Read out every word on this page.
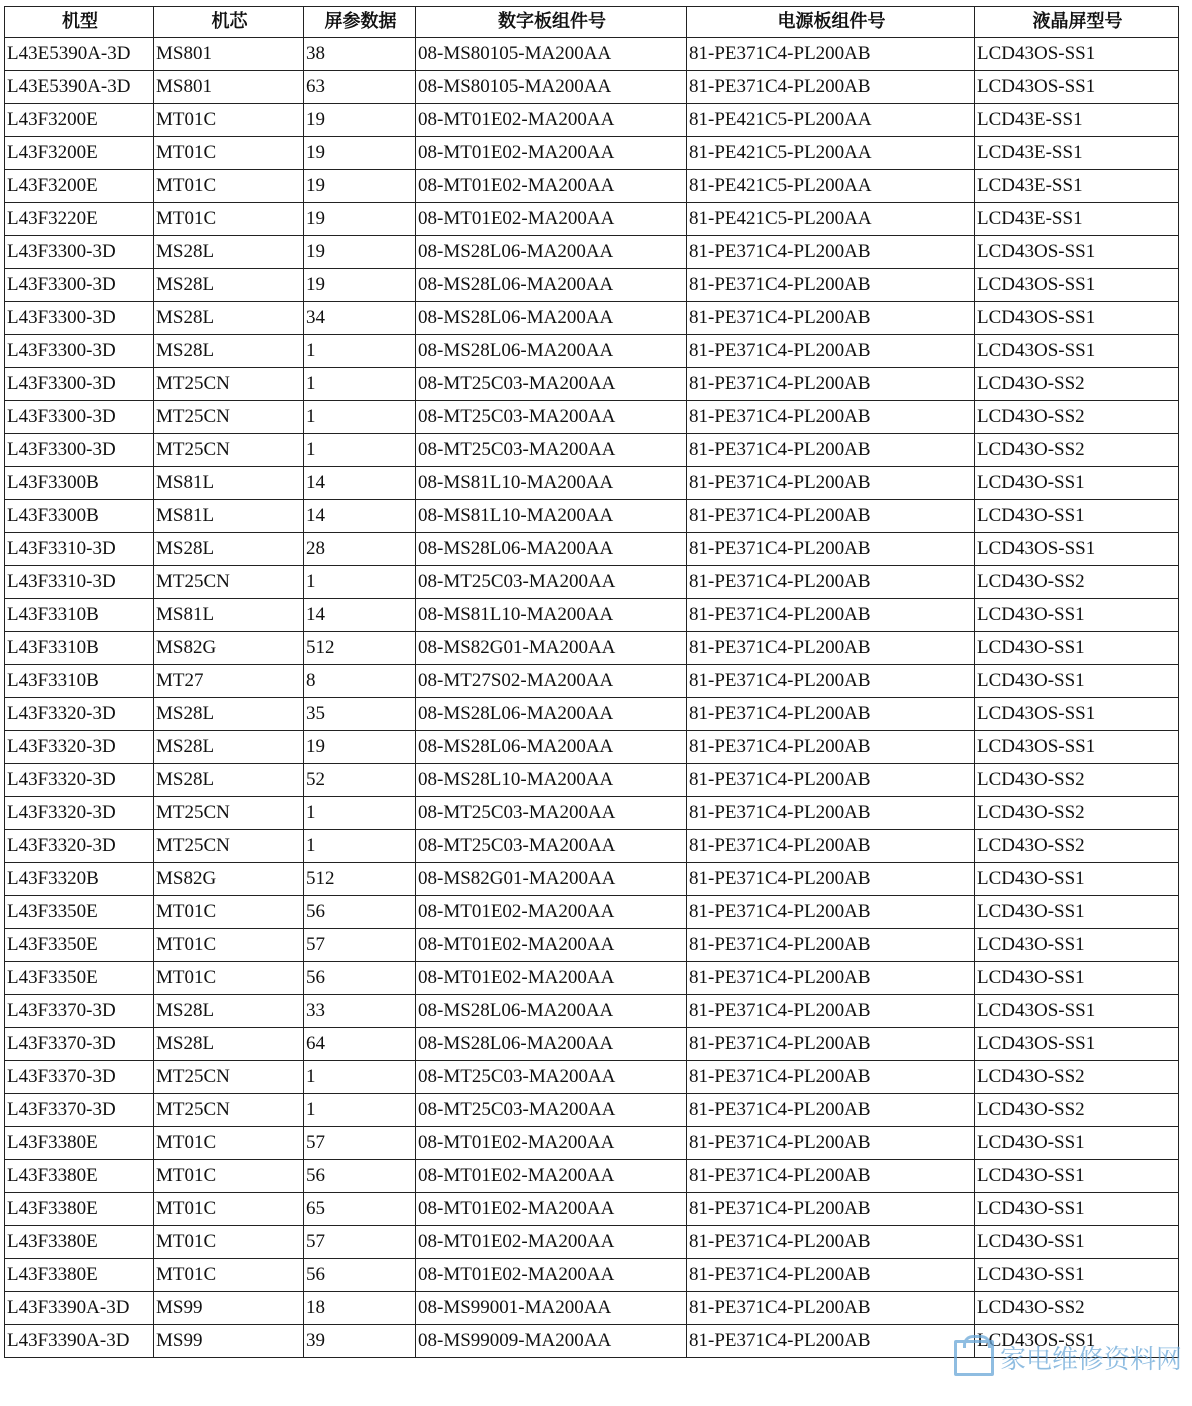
机型	机芯	屏参数据	数字板组件号	电源板组件号	液晶屏型号
L43E5390A-3D	MS801	38	08-MS80105-MA200AA	81-PE371C4-PL200AB	LCD43OS-SS1
L43E5390A-3D	MS801	63	08-MS80105-MA200AA	81-PE371C4-PL200AB	LCD43OS-SS1
L43F3200E	MT01C	19	08-MT01E02-MA200AA	81-PE421C5-PL200AA	LCD43E-SS1
L43F3200E	MT01C	19	08-MT01E02-MA200AA	81-PE421C5-PL200AA	LCD43E-SS1
L43F3200E	MT01C	19	08-MT01E02-MA200AA	81-PE421C5-PL200AA	LCD43E-SS1
L43F3220E	MT01C	19	08-MT01E02-MA200AA	81-PE421C5-PL200AA	LCD43E-SS1
L43F3300-3D	MS28L	19	08-MS28L06-MA200AA	81-PE371C4-PL200AB	LCD43OS-SS1
L43F3300-3D	MS28L	19	08-MS28L06-MA200AA	81-PE371C4-PL200AB	LCD43OS-SS1
L43F3300-3D	MS28L	34	08-MS28L06-MA200AA	81-PE371C4-PL200AB	LCD43OS-SS1
L43F3300-3D	MS28L	1	08-MS28L06-MA200AA	81-PE371C4-PL200AB	LCD43OS-SS1
L43F3300-3D	MT25CN	1	08-MT25C03-MA200AA	81-PE371C4-PL200AB	LCD43O-SS2
L43F3300-3D	MT25CN	1	08-MT25C03-MA200AA	81-PE371C4-PL200AB	LCD43O-SS2
L43F3300-3D	MT25CN	1	08-MT25C03-MA200AA	81-PE371C4-PL200AB	LCD43O-SS2
L43F3300B	MS81L	14	08-MS81L10-MA200AA	81-PE371C4-PL200AB	LCD43O-SS1
L43F3300B	MS81L	14	08-MS81L10-MA200AA	81-PE371C4-PL200AB	LCD43O-SS1
L43F3310-3D	MS28L	28	08-MS28L06-MA200AA	81-PE371C4-PL200AB	LCD43OS-SS1
L43F3310-3D	MT25CN	1	08-MT25C03-MA200AA	81-PE371C4-PL200AB	LCD43O-SS2
L43F3310B	MS81L	14	08-MS81L10-MA200AA	81-PE371C4-PL200AB	LCD43O-SS1
L43F3310B	MS82G	512	08-MS82G01-MA200AA	81-PE371C4-PL200AB	LCD43O-SS1
L43F3310B	MT27	8	08-MT27S02-MA200AA	81-PE371C4-PL200AB	LCD43O-SS1
L43F3320-3D	MS28L	35	08-MS28L06-MA200AA	81-PE371C4-PL200AB	LCD43OS-SS1
L43F3320-3D	MS28L	19	08-MS28L06-MA200AA	81-PE371C4-PL200AB	LCD43OS-SS1
L43F3320-3D	MS28L	52	08-MS28L10-MA200AA	81-PE371C4-PL200AB	LCD43O-SS2
L43F3320-3D	MT25CN	1	08-MT25C03-MA200AA	81-PE371C4-PL200AB	LCD43O-SS2
L43F3320-3D	MT25CN	1	08-MT25C03-MA200AA	81-PE371C4-PL200AB	LCD43O-SS2
L43F3320B	MS82G	512	08-MS82G01-MA200AA	81-PE371C4-PL200AB	LCD43O-SS1
L43F3350E	MT01C	56	08-MT01E02-MA200AA	81-PE371C4-PL200AB	LCD43O-SS1
L43F3350E	MT01C	57	08-MT01E02-MA200AA	81-PE371C4-PL200AB	LCD43O-SS1
L43F3350E	MT01C	56	08-MT01E02-MA200AA	81-PE371C4-PL200AB	LCD43O-SS1
L43F3370-3D	MS28L	33	08-MS28L06-MA200AA	81-PE371C4-PL200AB	LCD43OS-SS1
L43F3370-3D	MS28L	64	08-MS28L06-MA200AA	81-PE371C4-PL200AB	LCD43OS-SS1
L43F3370-3D	MT25CN	1	08-MT25C03-MA200AA	81-PE371C4-PL200AB	LCD43O-SS2
L43F3370-3D	MT25CN	1	08-MT25C03-MA200AA	81-PE371C4-PL200AB	LCD43O-SS2
L43F3380E	MT01C	57	08-MT01E02-MA200AA	81-PE371C4-PL200AB	LCD43O-SS1
L43F3380E	MT01C	56	08-MT01E02-MA200AA	81-PE371C4-PL200AB	LCD43O-SS1
L43F3380E	MT01C	65	08-MT01E02-MA200AA	81-PE371C4-PL200AB	LCD43O-SS1
L43F3380E	MT01C	57	08-MT01E02-MA200AA	81-PE371C4-PL200AB	LCD43O-SS1
L43F3380E	MT01C	56	08-MT01E02-MA200AA	81-PE371C4-PL200AB	LCD43O-SS1
L43F3390A-3D	MS99	18	08-MS99001-MA200AA	81-PE371C4-PL200AB	LCD43O-SS2
L43F3390A-3D	MS99	39	08-MS99009-MA200AA	81-PE371C4-PL200AB	LCD43OS-SS1
家电维修资料网
